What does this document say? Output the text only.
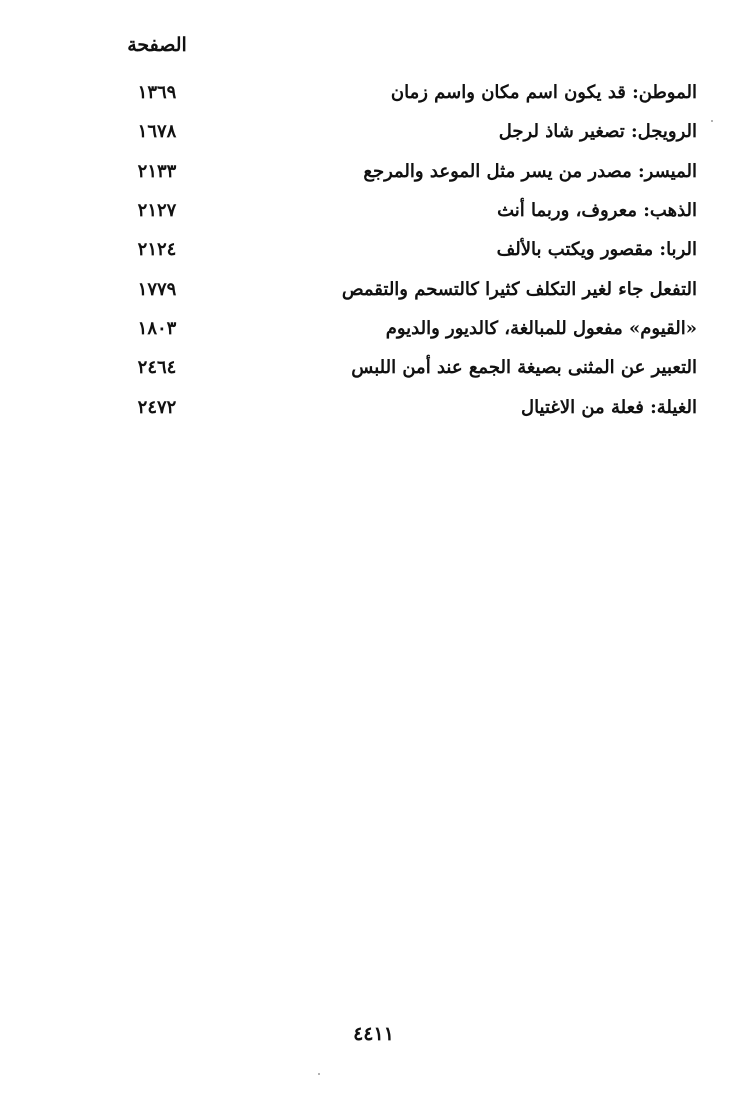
الصفحة
الموطن: قد يكون اسم مكان واسم زمان
١٣٦٩
الرويجل: تصغير شاذ لرجل
١٦٧٨
الميسر: مصدر من يسر مثل الموعد والمرجع
٢١٣٣
الذهب: معروف، وربما أنث
٢١٢٧
الربا: مقصور ويكتب بالألف
٢١٢٤
التفعل جاء لغير التكلف كثيرا كالتسحم والتقمص
١٧٧٩
«القيوم» مفعول للمبالغة، كالديور والديوم
١٨٠٣
التعبير عن المثنى بصيغة الجمع عند أمن اللبس
٢٤٦٤
الغيلة: فعلة من الاغتيال
٢٤٧٢
٤٤١١
